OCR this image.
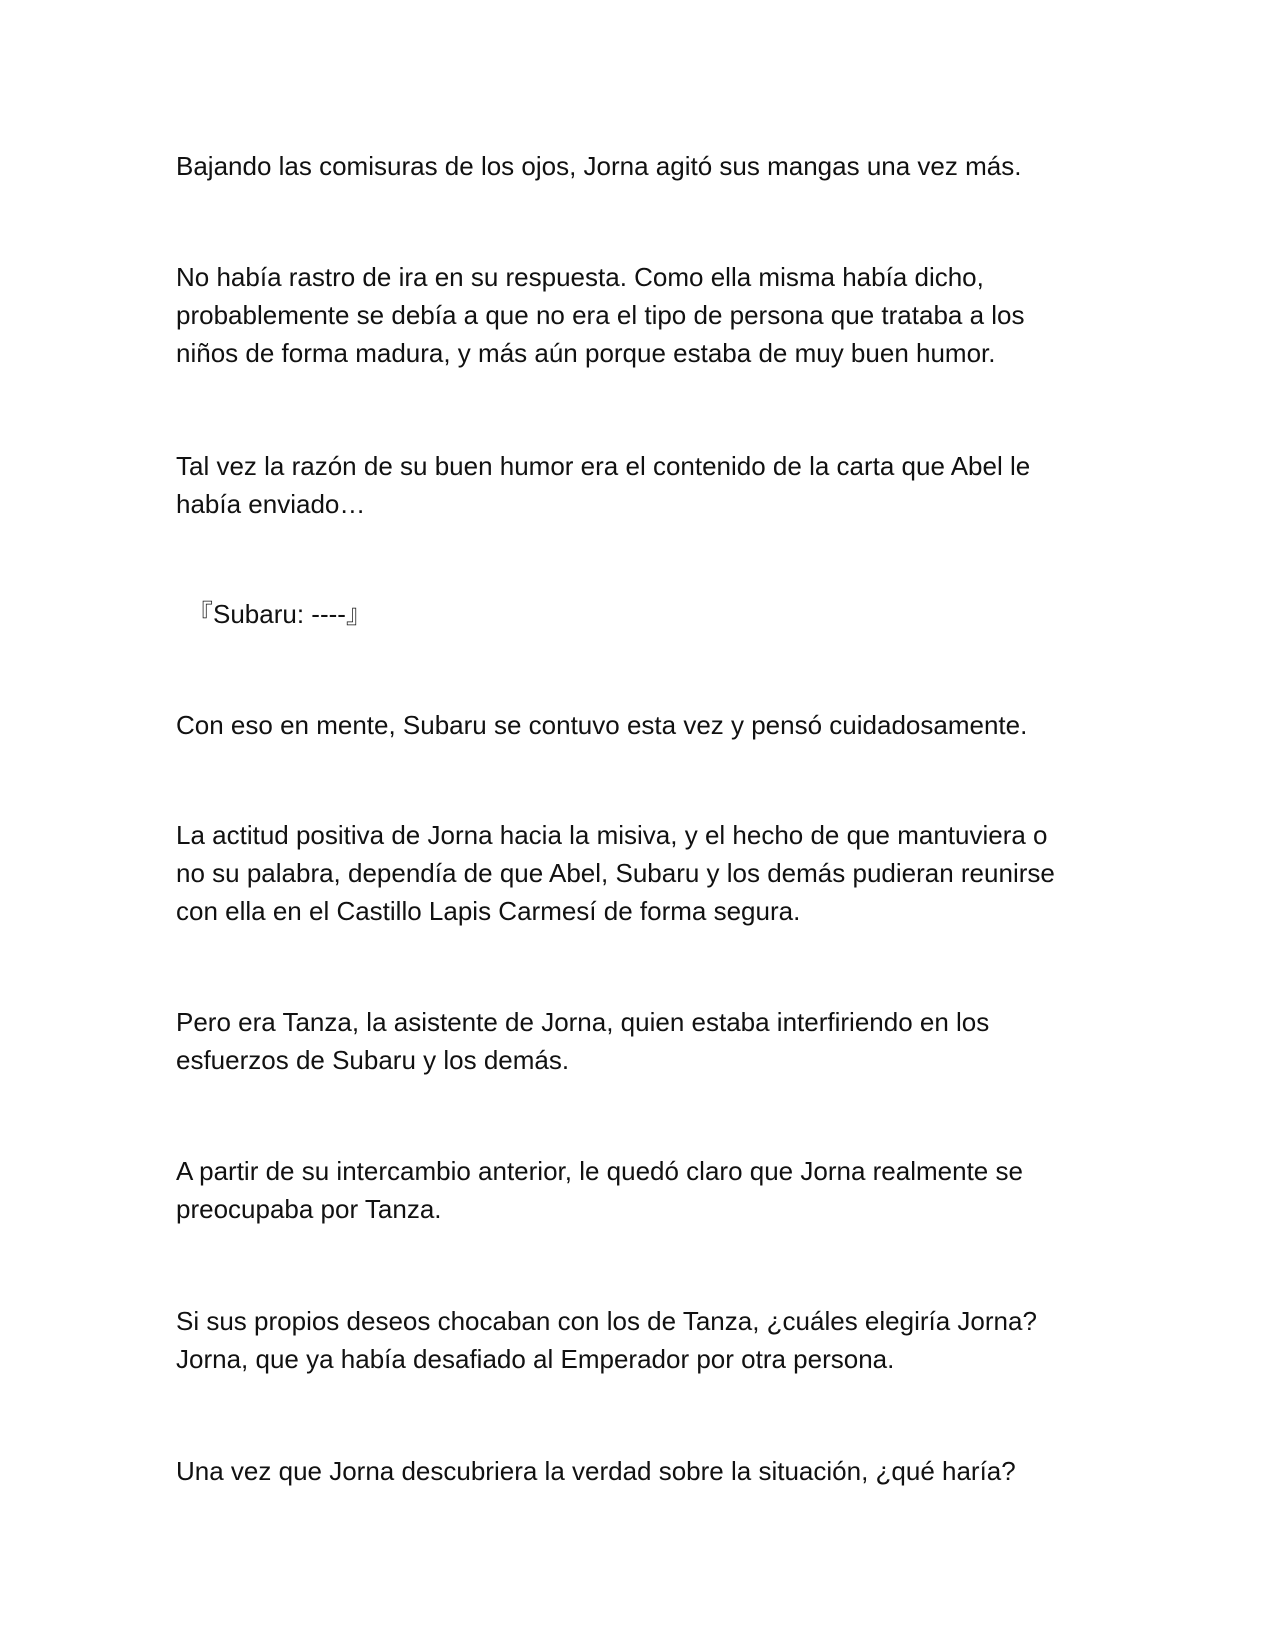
Bajando las comisuras de los ojos, Jorna agitó sus mangas una vez más.

No había rastro de ira en su respuesta. Como ella misma había dicho,
probablemente se debía a que no era el tipo de persona que trataba a los
niños de forma madura, y más aún porque estaba de muy buen humor.

Tal vez la razón de su buen humor era el contenido de la carta que Abel le
había enviado…

『Subaru: ----』

Con eso en mente, Subaru se contuvo esta vez y pensó cuidadosamente.

La actitud positiva de Jorna hacia la misiva, y el hecho de que mantuviera o
no su palabra, dependía de que Abel, Subaru y los demás pudieran reunirse
con ella en el Castillo Lapis Carmesí de forma segura.

Pero era Tanza, la asistente de Jorna, quien estaba interfiriendo en los
esfuerzos de Subaru y los demás.

A partir de su intercambio anterior, le quedó claro que Jorna realmente se
preocupaba por Tanza.

Si sus propios deseos chocaban con los de Tanza, ¿cuáles elegiría Jorna?
Jorna, que ya había desafiado al Emperador por otra persona.

Una vez que Jorna descubriera la verdad sobre la situación, ¿qué haría?
